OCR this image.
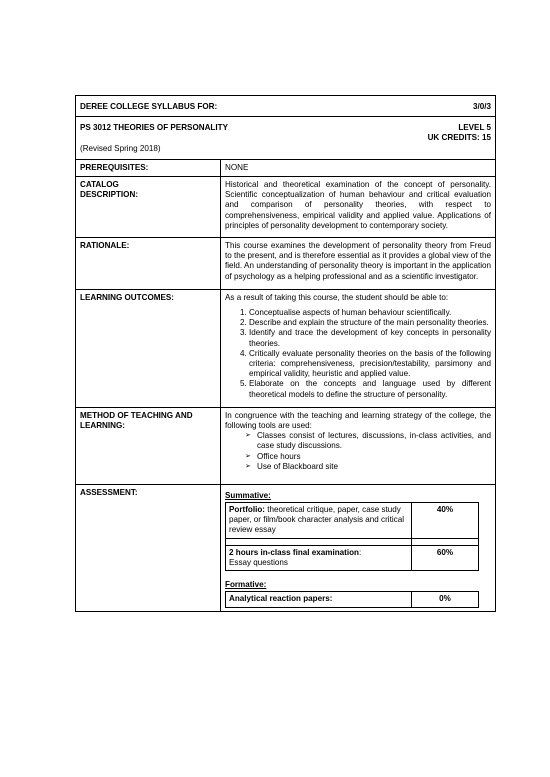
DEREE COLLEGE SYLLABUS FOR:	3/0/3

PS 3012 THEORIES OF PERSONALITY	LEVEL 5
UK CREDITS: 15
(Revised Spring 2018)

PREREQUISITES:	NONE

CATALOG
DESCRIPTION:
	Historical and theoretical examination of the concept of personality. Scientific conceptualization of human behaviour and critical evaluation and comparison of personality theories, with respect to comprehensiveness, empirical validity and applied value. Applications of principles of personality development to contemporary society.
RATIONALE:	This course examines the development of personality theory from Freud to the present, and is therefore essential as it provides a global view of the field. An understanding of personality theory is important in the application of psychology as a helping professional and as a scientific investigator.
LEARNING OUTCOMES:	As a result of taking this course, the student should be able to:
1. Conceptualise aspects of human behaviour scientifically.
2. Describe and explain the structure of the main personality theories.
3. Identify and trace the development of key concepts in personality theories.
4. Critically evaluate personality theories on the basis of the following criteria: comprehensiveness, precision/testability, parsimony and empirical validity, heuristic and applied value.
5. Elaborate on the concepts and language used by different theoretical models to define the structure of personality.

METHOD OF TEACHING AND
LEARNING:

In congruence with the teaching and learning strategy of the college, the following tools are used:
➢ Classes consist of lectures, discussions, in-class activities, and case study discussions.
➢ Office hours
➢ Use of Blackboard site

ASSESSMENT:	Summative:
Portfolio: theoretical critique, paper, case study paper, or film/book character analysis and critical review essay	40%

2 hours in-class final examination:
Essay questions
	60%
Formative:
Analytical reaction papers:	0%
